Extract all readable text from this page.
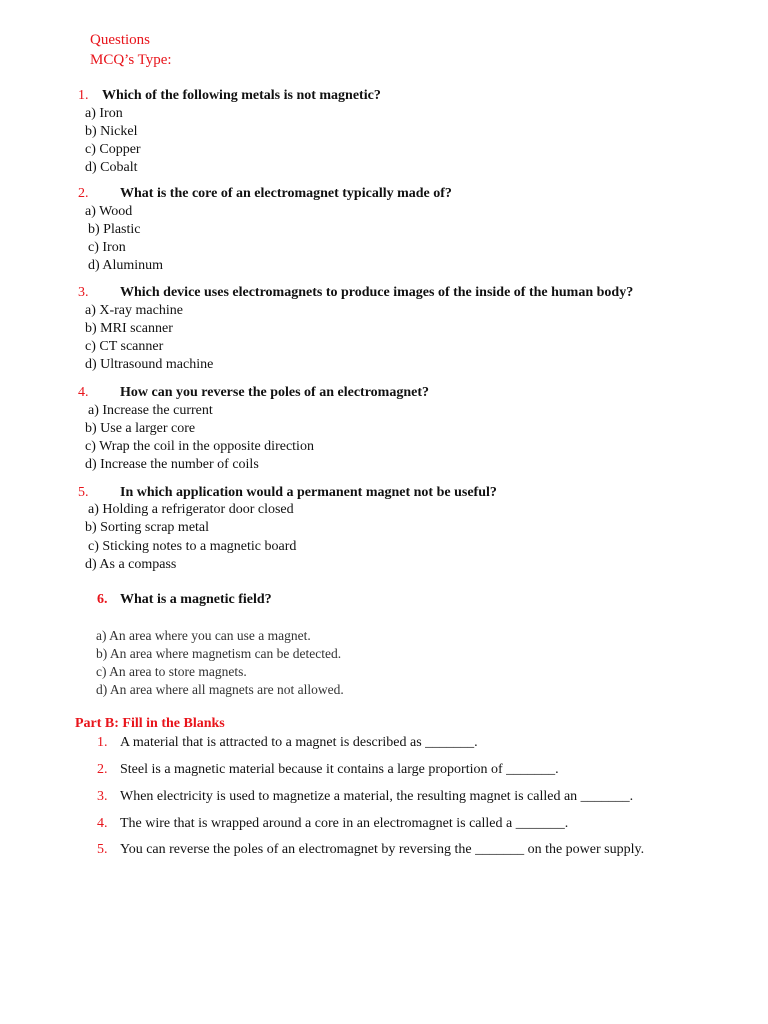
Questions
MCQ’s Type:
1. Which of the following metals is not magnetic?
a) Iron
b) Nickel
c) Copper
d) Cobalt
2. What is the core of an electromagnet typically made of?
a) Wood
b) Plastic
c) Iron
d) Aluminum
3. Which device uses electromagnets to produce images of the inside of the human body?
a) X-ray machine
b) MRI scanner
c) CT scanner
d) Ultrasound machine
4. How can you reverse the poles of an electromagnet?
a) Increase the current
b) Use a larger core
c) Wrap the coil in the opposite direction
d) Increase the number of coils
5. In which application would a permanent magnet not be useful?
a) Holding a refrigerator door closed
b) Sorting scrap metal
c) Sticking notes to a magnetic board
d) As a compass
6. What is a magnetic field?
a) An area where you can use a magnet.
b) An area where magnetism can be detected.
c) An area to store magnets.
d) An area where all magnets are not allowed.
Part B: Fill in the Blanks
1. A material that is attracted to a magnet is described as _______.
2. Steel is a magnetic material because it contains a large proportion of _______.
3. When electricity is used to magnetize a material, the resulting magnet is called an _______.
4. The wire that is wrapped around a core in an electromagnet is called a _______.
5. You can reverse the poles of an electromagnet by reversing the _______ on the power supply.
